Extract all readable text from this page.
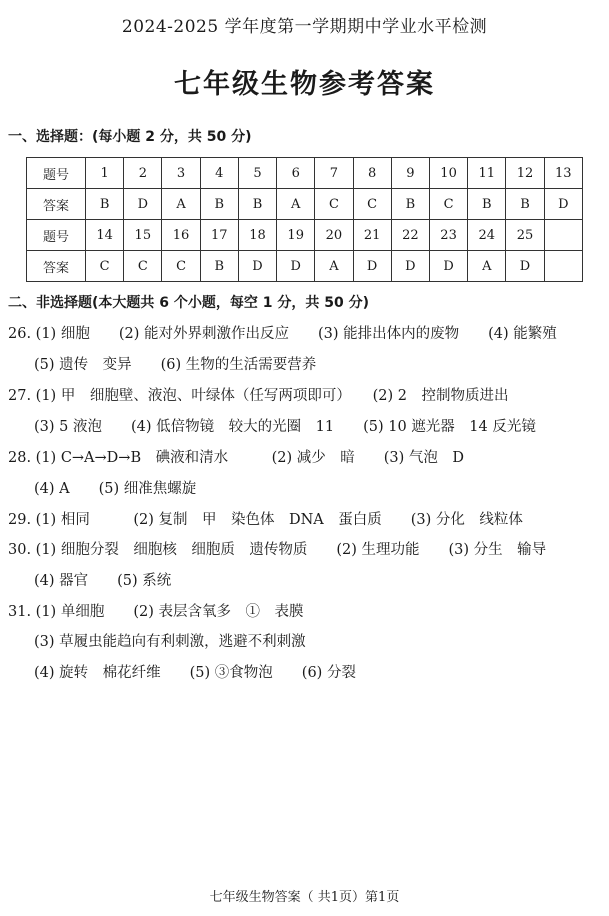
2024-2025 学年度第一学期期中学业水平检测
七年级生物参考答案
一、选择题：(每小题 2 分，共 50 分)
题号	1	2	3	4	5	6	7	8	9	10	11	12	13
答案	B	D	A	B	B	A	C	C	B	C	B	B	D
题号	14	15	16	17	18	19	20	21	22	23	24	25	
答案	C	C	C	B	D	D	A	D	D	D	A	D	
二、非选择题(本大题共 6 个小题，每空 1 分，共 50 分)
26. (1) 细胞　　(2) 能对外界刺激作出反应　　(3) 能排出体内的废物　　(4) 能繁殖
(5) 遗传　变异　　(6) 生物的生活需要营养
27. (1) 甲　细胞壁、液泡、叶绿体（任写两项即可）　　(2) 2　控制物质进出
(3) 5 液泡　　(4) 低倍物镜　较大的光圈　11　　(5) 10 遮光器　14 反光镜
28. (1) C→A→D→B　碘液和清水　　　(2) 减少　暗　　(3) 气泡　D
(4) A　　(5) 细准焦螺旋
29. (1) 相同　　　(2) 复制　甲　染色体　DNA　蛋白质　　(3) 分化　线粒体
30. (1) 细胞分裂　细胞核　细胞质　遗传物质　　(2) 生理功能　　(3) 分生　输导
(4) 器官　　(5) 系统
31. (1) 单细胞　　(2) 表层含氧多　①　表膜
(3) 草履虫能趋向有利刺激，逃避不利刺激
(4) 旋转　棉花纤维　　(5) ③食物泡　　(6) 分裂
七年级生物答案（ 共1页）第1页
